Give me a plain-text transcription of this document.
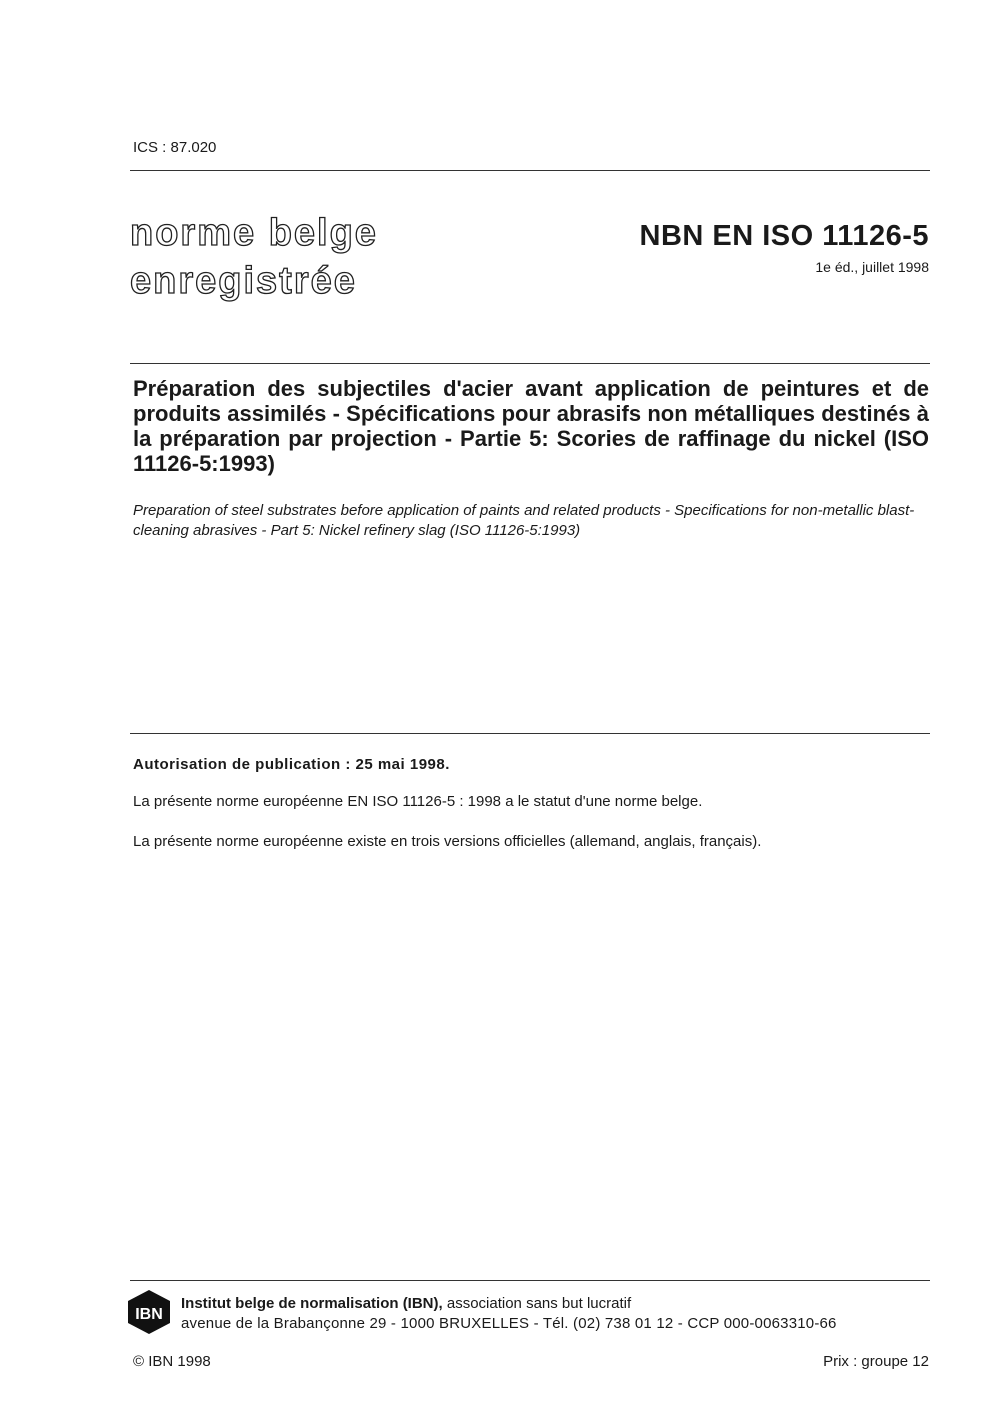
ICS : 87.020
norme belge
enregistrée
NBN EN ISO 11126-5
1e éd., juillet 1998
Préparation des subjectiles d'acier avant application de peintures et de produits assimilés - Spécifications pour abrasifs non métalliques destinés à la préparation par projection - Partie 5: Scories de raffinage du nickel (ISO 11126-5:1993)
Preparation of steel substrates before application of paints and related products - Specifications for non-metallic blast-cleaning abrasives - Part 5: Nickel refinery slag (ISO 11126-5:1993)
Autorisation de publication : 25 mai 1998.
La présente norme européenne EN ISO 11126-5 : 1998 a le statut d'une norme belge.
La présente norme européenne existe en trois versions officielles (allemand, anglais, français).
IBN
Institut belge de normalisation (IBN), association sans but lucratif
avenue de la Brabançonne 29 - 1000 BRUXELLES - Tél. (02) 738 01 12 - CCP 000-0063310-66
© IBN 1998	Prix : groupe 12
